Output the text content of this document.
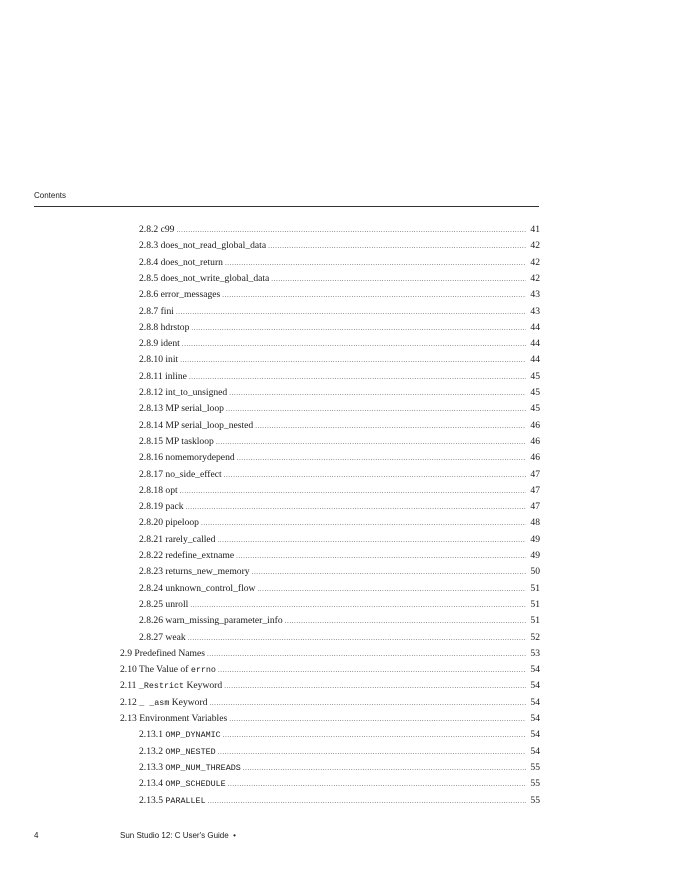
Contents
2.8.2 c99 .....	41
2.8.3 does_not_read_global_data .....	42
2.8.4 does_not_return .....	42
2.8.5 does_not_write_global_data .....	42
2.8.6 error_messages .....	43
2.8.7 fini .....	43
2.8.8 hdrstop .....	44
2.8.9 ident .....	44
2.8.10 init .....	44
2.8.11 inline .....	45
2.8.12 int_to_unsigned .....	45
2.8.13 MP serial_loop .....	45
2.8.14 MP serial_loop_nested .....	46
2.8.15 MP taskloop .....	46
2.8.16 nomemorydepend .....	46
2.8.17 no_side_effect .....	47
2.8.18 opt .....	47
2.8.19 pack .....	47
2.8.20 pipeloop .....	48
2.8.21 rarely_called .....	49
2.8.22 redefine_extname .....	49
2.8.23 returns_new_memory .....	50
2.8.24 unknown_control_flow .....	51
2.8.25 unroll .....	51
2.8.26 warn_missing_parameter_info .....	51
2.8.27 weak .....	52
2.9 Predefined Names .....	53
2.10 The Value of errno .....	54
2.11 _Restrict Keyword .....	54
2.12 _ _asm Keyword .....	54
2.13 Environment Variables .....	54
2.13.1 OMP_DYNAMIC .....	54
2.13.2 OMP_NESTED .....	54
2.13.3 OMP_NUM_THREADS .....	55
2.13.4 OMP_SCHEDULE .....	55
2.13.5 PARALLEL .....	55
4	Sun Studio 12: C User's Guide •
